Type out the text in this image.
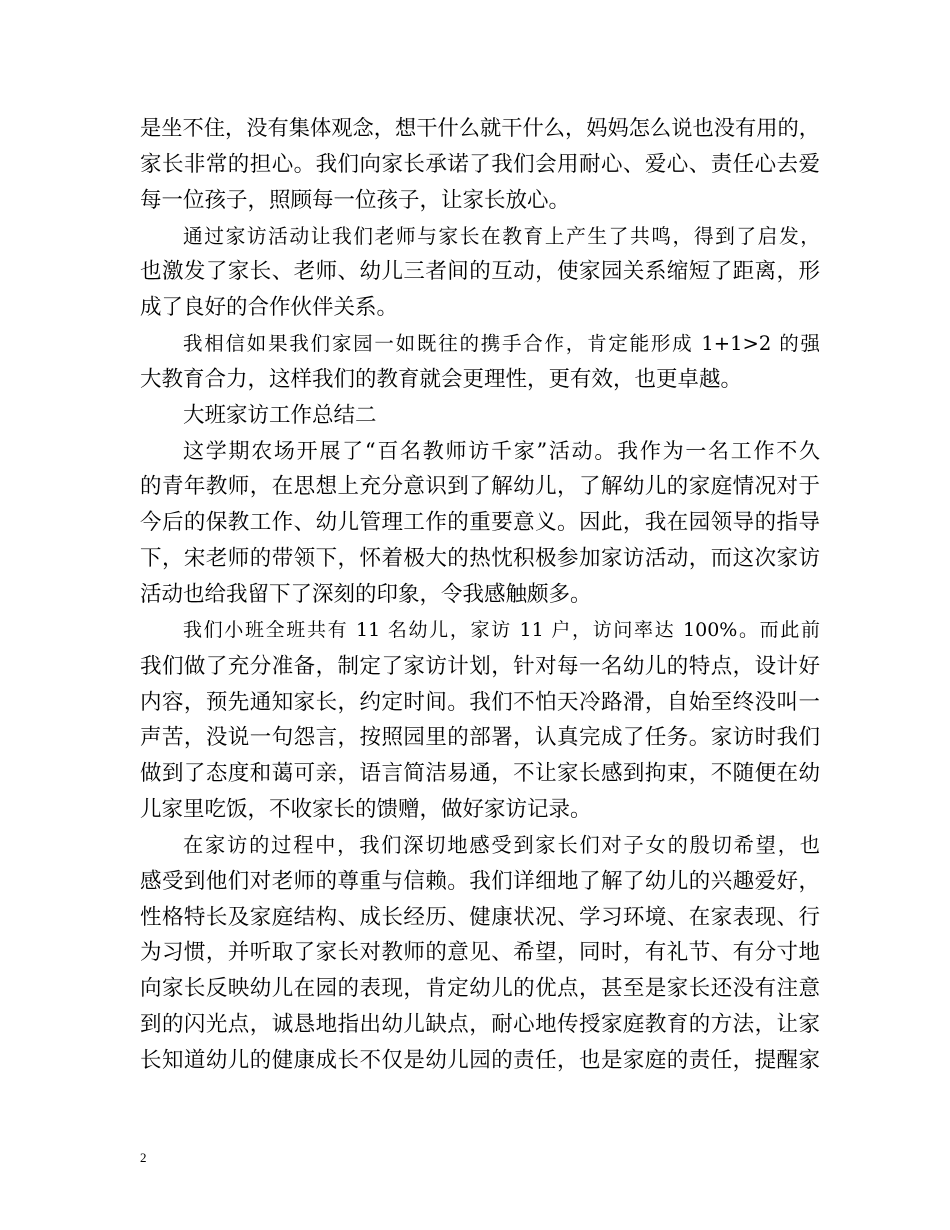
是坐不住，没有集体观念，想干什么就干什么，妈妈怎么说也没有用的，
家长非常的担心。我们向家长承诺了我们会用耐心、爱心、责任心去爱
每一位孩子，照顾每一位孩子，让家长放心。
通过家访活动让我们老师与家长在教育上产生了共鸣，得到了启发，
也激发了家长、老师、幼儿三者间的互动，使家园关系缩短了距离，形
成了良好的合作伙伴关系。
我相信如果我们家园一如既往的携手合作，肯定能形成 1+1>2 的强
大教育合力，这样我们的教育就会更理性，更有效，也更卓越。
大班家访工作总结二
这学期农场开展了“百名教师访千家”活动。我作为一名工作不久
的青年教师，在思想上充分意识到了解幼儿，了解幼儿的家庭情况对于
今后的保教工作、幼儿管理工作的重要意义。因此，我在园领导的指导
下，宋老师的带领下，怀着极大的热忱积极参加家访活动，而这次家访
活动也给我留下了深刻的印象，令我感触颇多。
我们小班全班共有 11 名幼儿，家访 11 户，访问率达 100%。而此前
我们做了充分准备，制定了家访计划，针对每一名幼儿的特点，设计好
内容，预先通知家长，约定时间。我们不怕天冷路滑，自始至终没叫一
声苦，没说一句怨言，按照园里的部署，认真完成了任务。家访时我们
做到了态度和蔼可亲，语言简洁易通，不让家长感到拘束，不随便在幼
儿家里吃饭，不收家长的馈赠，做好家访记录。
在家访的过程中，我们深切地感受到家长们对子女的殷切希望，也
感受到他们对老师的尊重与信赖。我们详细地了解了幼儿的兴趣爱好，
性格特长及家庭结构、成长经历、健康状况、学习环境、在家表现、行
为习惯，并听取了家长对教师的意见、希望，同时，有礼节、有分寸地
向家长反映幼儿在园的表现，肯定幼儿的优点，甚至是家长还没有注意
到的闪光点，诚恳地指出幼儿缺点，耐心地传授家庭教育的方法，让家
长知道幼儿的健康成长不仅是幼儿园的责任，也是家庭的责任，提醒家
2
